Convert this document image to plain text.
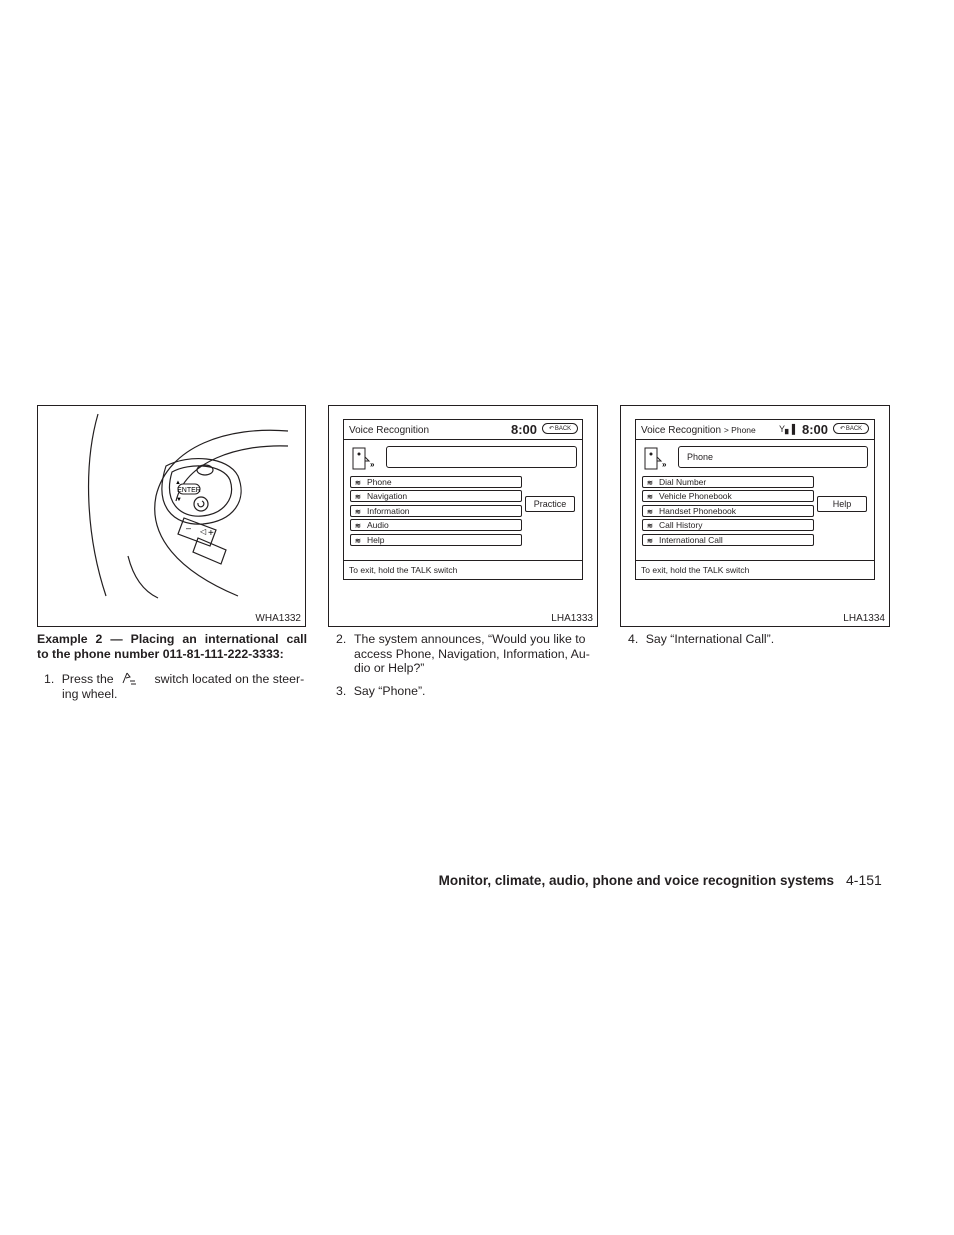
ENTER
▲
▼
– ◁ +
WHA1332
Voice Recognition	8:00 ↶ BACK
»
≋ Phone
≋ Navigation
≋ Information
≋ Audio
≋ Help
Practice
To exit, hold the TALK switch
LHA1333
Voice Recognition > Phone	Y▖▌ 8:00 ↶ BACK
»
Phone
≋ Dial Number
≋ Vehicle Phonebook
≋ Handset Phonebook
≋ Call History
≋ International Call
Help
To exit, hold the TALK switch
LHA1334
Example 2 — Placing an international call
to the phone number 011-81-111-222-3333:
1. Press the	switch located on the steer-
ing wheel.
2. The system announces, “Would you like to
access Phone, Navigation, Information, Au-
dio or Help?”
3. Say “Phone”.
4. Say “International Call”.
Monitor, climate, audio, phone and voice recognition systems 4-151
